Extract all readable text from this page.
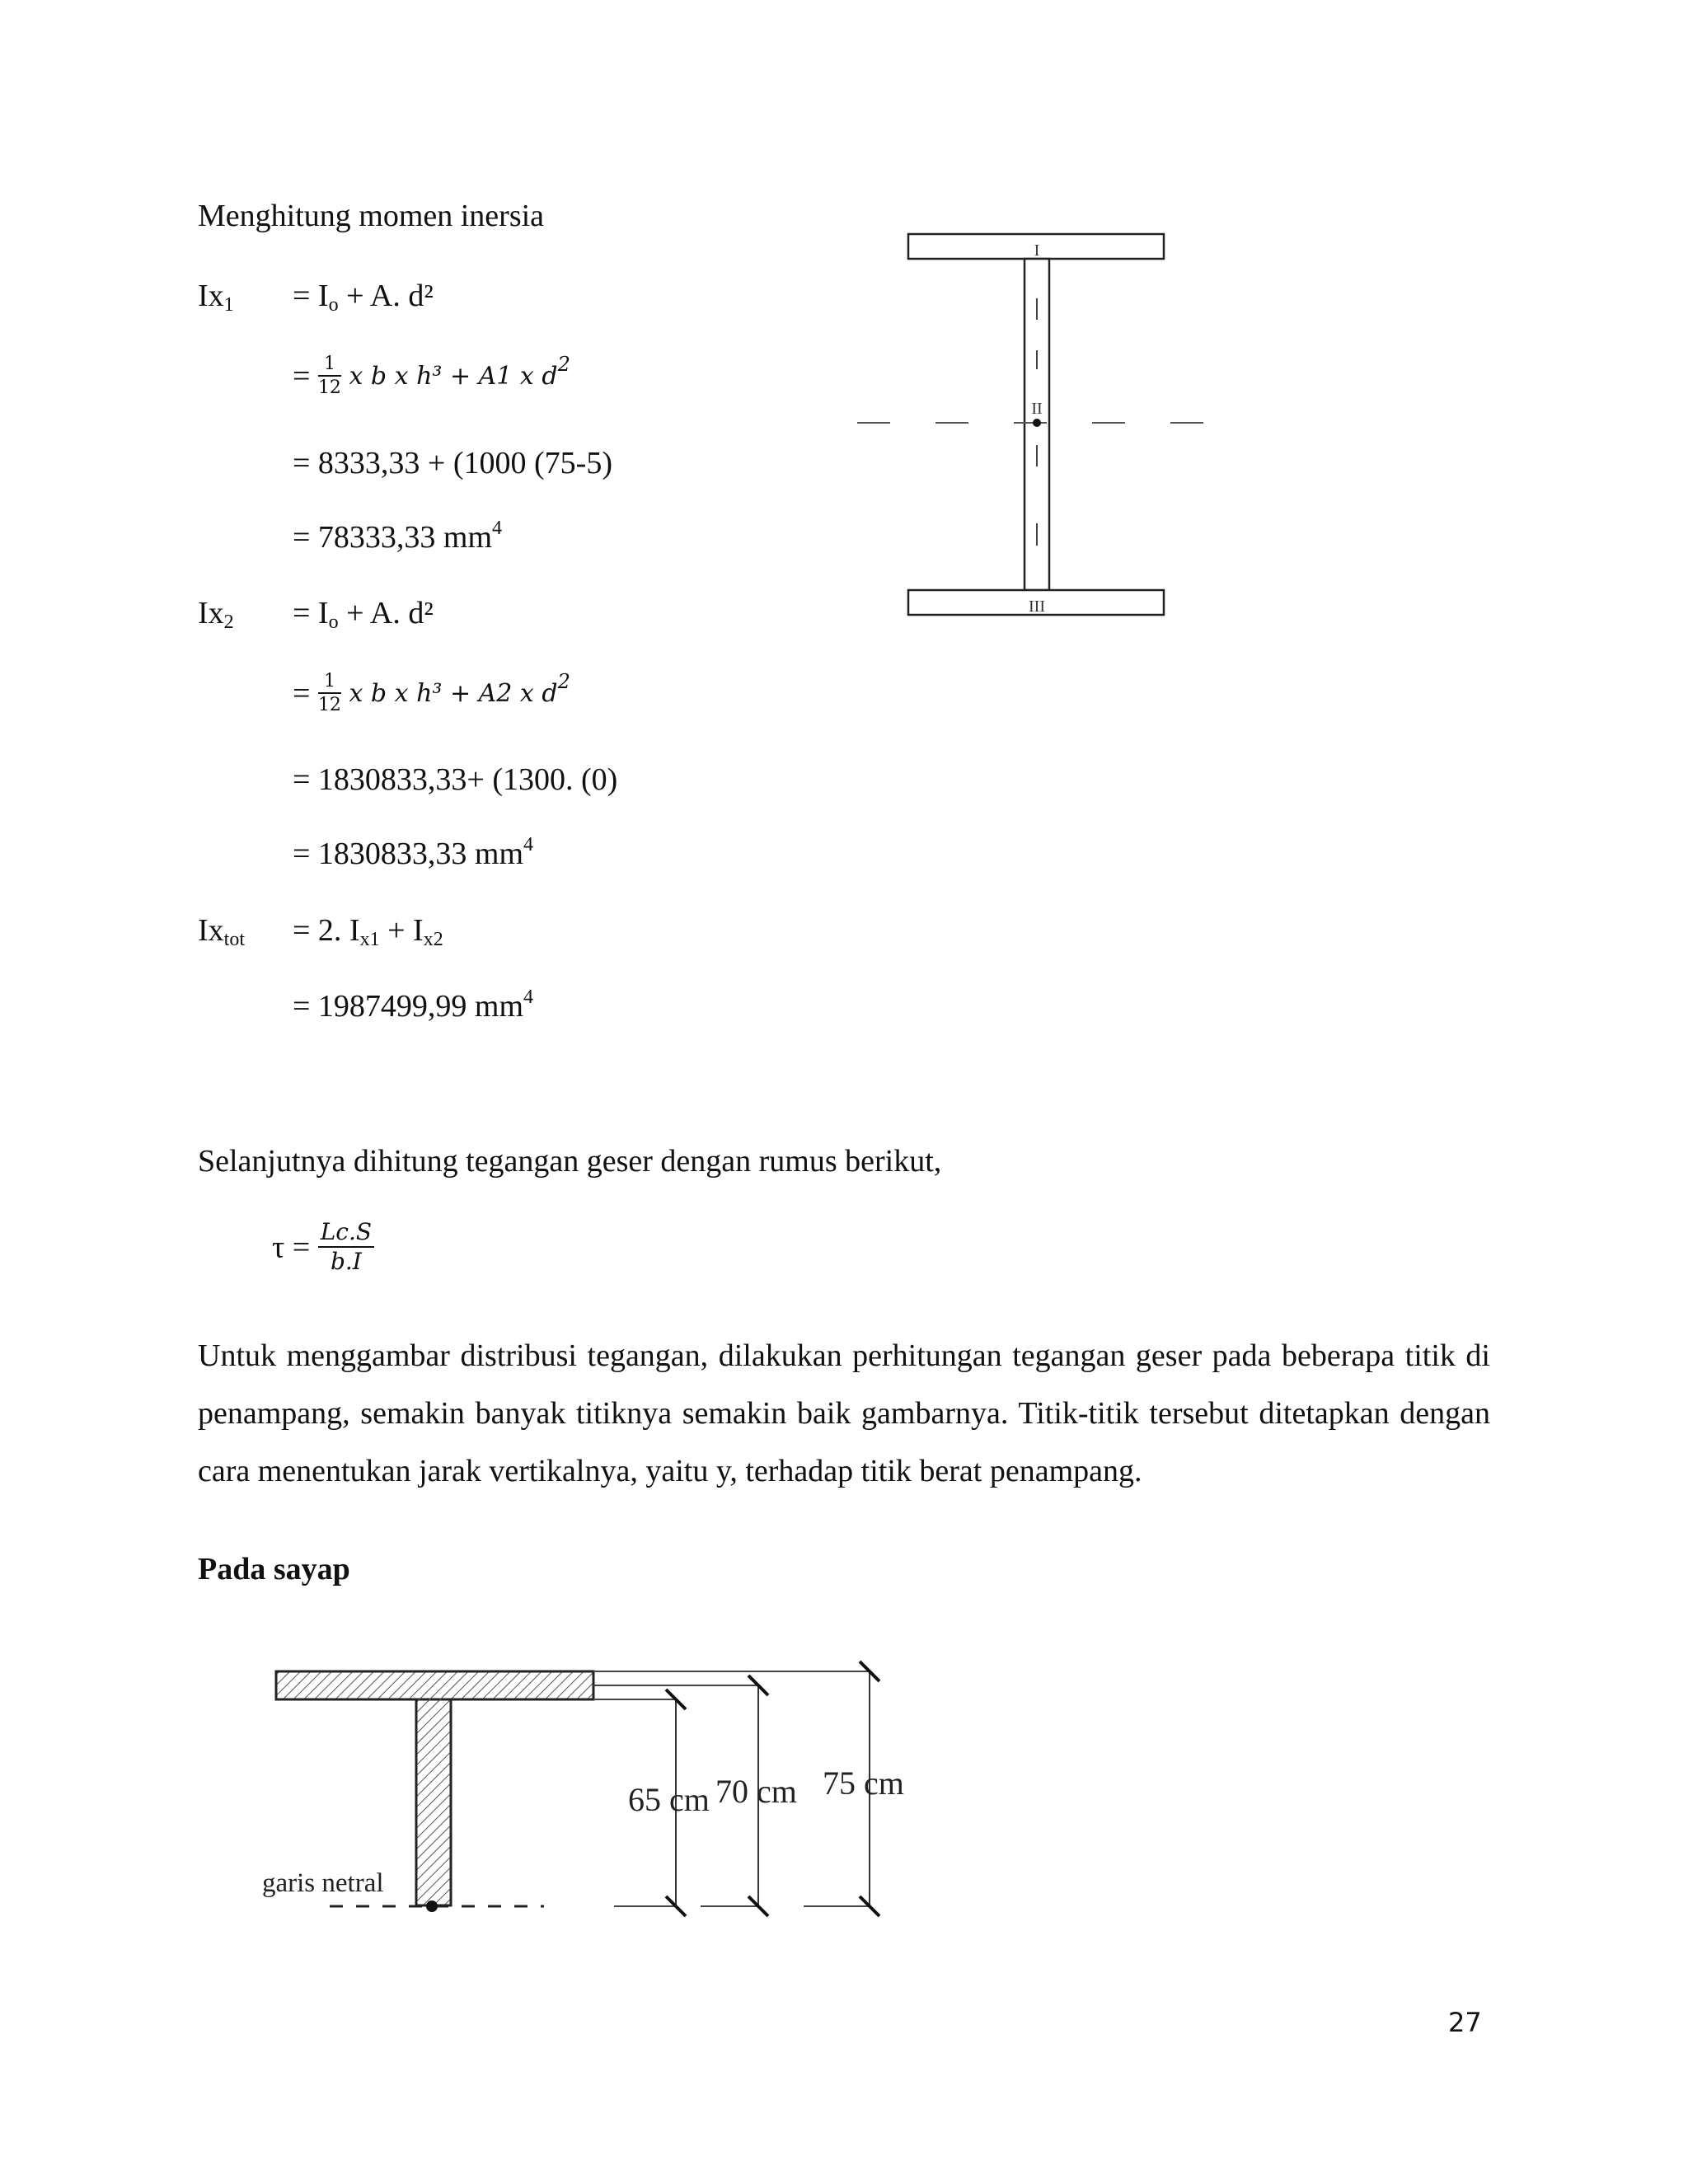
Menghitung momen inersia
$Ix_1 = I_o + A$. d²
= $\frac{1}{12}$ x b x h³ + A1 x $d^2$
= 8333,33 + (1000 (75-5)
= 78333,33 $mm^4$
$Ix_2 = I_o + A$. d²
= $\frac{1}{12}$ x b x h³ + A2 x $d^2$
= 1830833,33+ (1300. (0)
= 1830833,33 $mm^4$
$Ix_{tot} = 2$. $I_{x1} + I_{x2}$
= 1987499,99 $mm^4$
I
II
III
Selanjutnya dihitung tegangan geser dengan rumus berikut,
$\tau = \frac{Lc.S}{b.I}$

Untuk menggambar distribusi tegangan, dilakukan perhitungan tegangan geser pada beberapa titik di penampang, semakin banyak titiknya semakin baik gambarnya. Titik-titik tersebut ditetapkan dengan cara menentukan jarak vertikalnya, yaitu y, terhadap titik berat penampang.

Pada sayap
garis netral
65 cm 70 cm 75 cm
27
